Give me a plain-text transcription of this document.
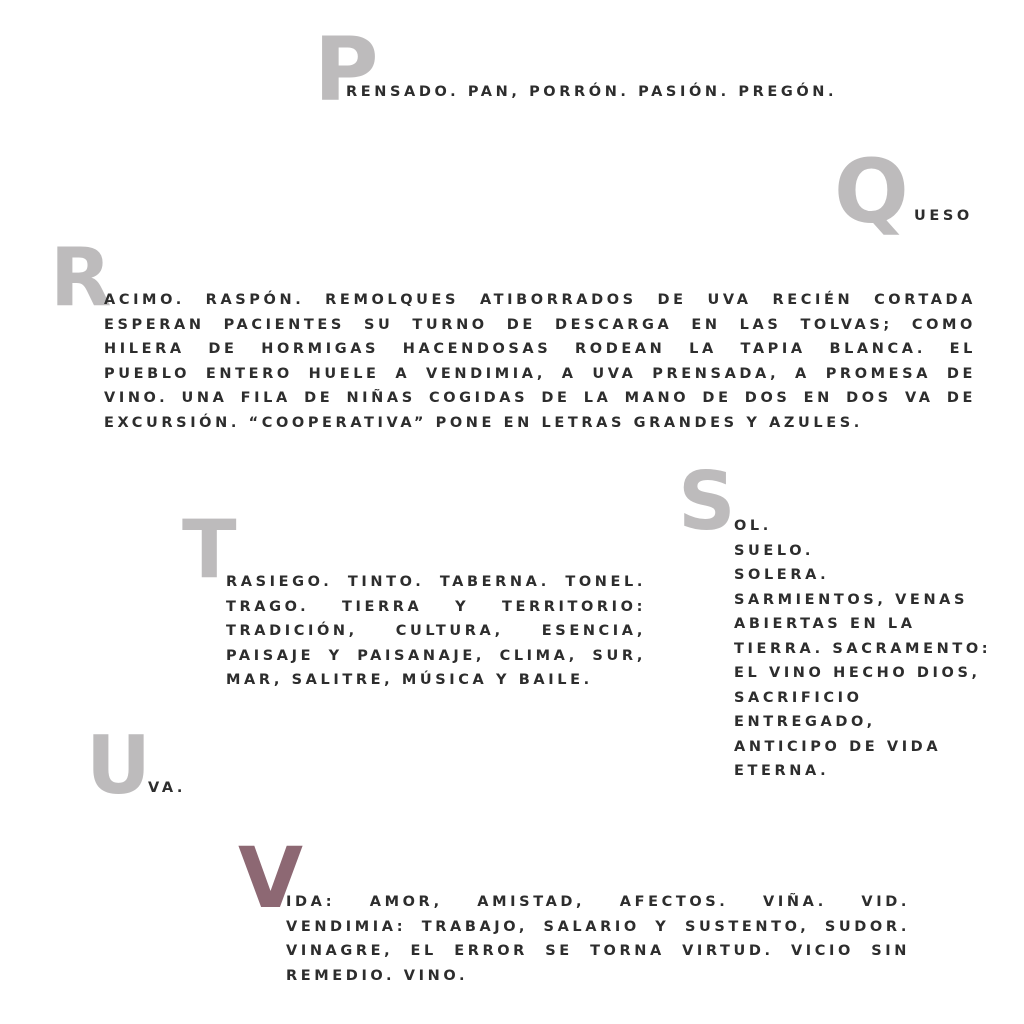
P
RENSADO. PAN, PORRÓN. PASIÓN. PREGÓN.
Q UESO
R
ACIMO. RASPÓN. REMOLQUES ATIBORRADOS DE UVA RECIÉN CORTADA
ESPERAN PACIENTES SU TURNO DE DESCARGA EN LAS TOLVAS; COMO
HILERA DE HORMIGAS HACENDOSAS RODEAN LA TAPIA BLANCA. EL
PUEBLO ENTERO HUELE A VENDIMIA, A UVA PRENSADA, A PROMESA DE
VINO. UNA FILA DE NIÑAS COGIDAS DE LA MANO DE DOS EN DOS VA DE
EXCURSIÓN. “COOPERATIVA” PONE EN LETRAS GRANDES Y AZULES.
S
OL.
SUELO.
SOLERA.
SARMIENTOS, VENAS
ABIERTAS EN LA
TIERRA. SACRAMENTO:
EL VINO HECHO DIOS,
SACRIFICIO
ENTREGADO,
ANTICIPO DE VIDA
ETERNA.
T
RASIEGO. TINTO. TABERNA. TONEL.
TRAGO. TIERRA Y TERRITORIO:
TRADICIÓN, CULTURA, ESENCIA,
PAISAJE Y PAISANAJE, CLIMA, SUR,
MAR, SALITRE, MÚSICA Y BAILE.
U
VA.
V
IDA: AMOR, AMISTAD, AFECTOS. VIÑA. VID.
VENDIMIA: TRABAJO, SALARIO Y SUSTENTO, SUDOR.
VINAGRE, EL ERROR SE TORNA VIRTUD. VICIO SIN
REMEDIO. VINO.
